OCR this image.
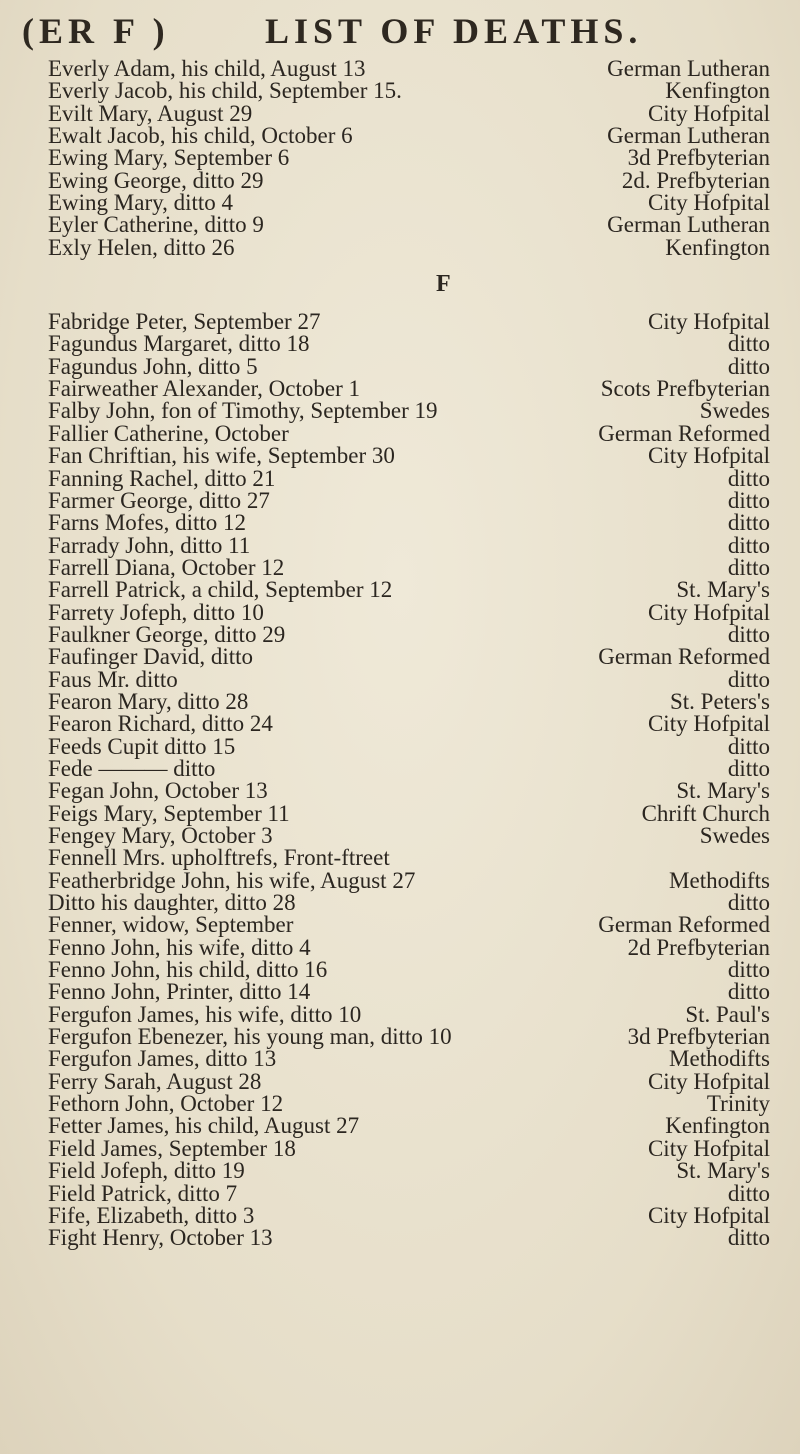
(ER F )	LIST OF DEATHS.
Everly Adam, his child, August 13	German Lutheran
Everly Jacob, his child, September 15.	Kenfington
Evilt Mary, August 29	City Hofpital
Ewalt Jacob, his child, October 6	German Lutheran
Ewing Mary, September 6	3d Prefbyterian
Ewing George, ditto 29	2d. Prefbyterian
Ewing Mary, ditto 4	City Hofpital
Eyler Catherine, ditto 9	German Lutheran
Exly Helen, ditto 26	Kenfington
F
Fabridge Peter, September 27	City Hofpital
Fagundus Margaret, ditto 18	ditto
Fagundus John, ditto 5	ditto
Fairweather Alexander, October 1	Scots Prefbyterian
Falby John, fon of Timothy, September 19	Swedes
Fallier Catherine, October	German Reformed
Fan Chriftian, his wife, September 30	City Hofpital
Fanning Rachel, ditto 21	ditto
Farmer George, ditto 27	ditto
Farns Mofes, ditto 12	ditto
Farrady John, ditto 11	ditto
Farrell Diana, October 12	ditto
Farrell Patrick, a child, September 12	St. Mary's
Farrety Jofeph, ditto 10	City Hofpital
Faulkner George, ditto 29	ditto
Faufinger David, ditto	German Reformed
Faus Mr. ditto	ditto
Fearon Mary, ditto 28	St. Peters's
Fearon Richard, ditto 24	City Hofpital
Feeds Cupit ditto 15	ditto
Fede ——— ditto	ditto
Fegan John, October 13	St. Mary's
Feigs Mary, September 11	Chrift Church
Fengey Mary, October 3	Swedes
Fennell Mrs. upholftrefs, Front-ftreet
Featherbridge John, his wife, August 27	Methodifts
Ditto his daughter, ditto 28	ditto
Fenner, widow, September	German Reformed
Fenno John, his wife, ditto 4	2d Prefbyterian
Fenno John, his child, ditto 16	ditto
Fenno John, Printer, ditto 14	ditto
Fergufon James, his wife, ditto 10	St. Paul's
Fergufon Ebenezer, his young man, ditto 10	3d Prefbyterian
Fergufon James, ditto 13	Methodifts
Ferry Sarah, August 28	City Hofpital
Fethorn John, October 12	Trinity
Fetter James, his child, August 27	Kenfington
Field James, September 18	City Hofpital
Field Jofeph, ditto 19	St. Mary's
Field Patrick, ditto 7	ditto
Fife, Elizabeth, ditto 3	City Hofpital
Fight Henry, October 13	ditto
